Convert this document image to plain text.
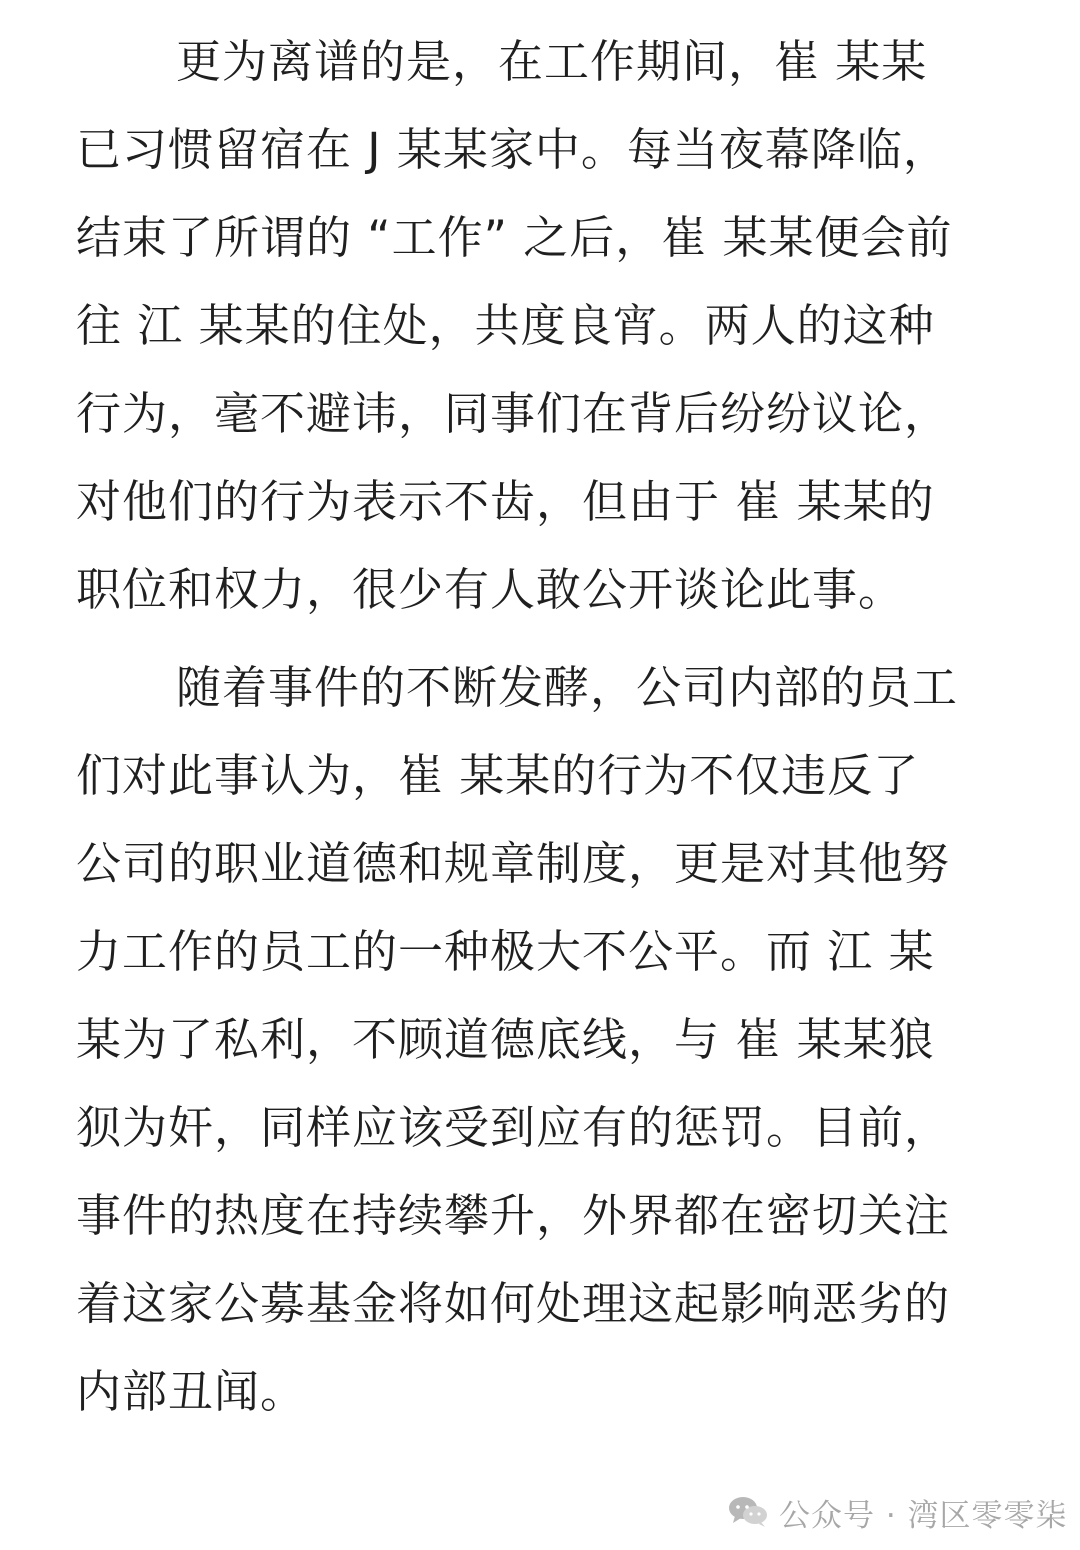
更为离谱的是，在工作期间，崔 某某
已习惯留宿在 J 某某家中。每当夜幕降临，
结束了所谓的 “工作” 之后，崔 某某便会前
往 江 某某的住处，共度良宵。两人的这种
行为，毫不避讳，同事们在背后纷纷议论，
对他们的行为表示不齿，但由于 崔 某某的
职位和权力，很少有人敢公开谈论此事。

随着事件的不断发酵，公司内部的员工
们对此事认为，崔 某某的行为不仅违反了
公司的职业道德和规章制度，更是对其他努
力工作的员工的一种极大不公平。而 江 某
某为了私利，不顾道德底线，与 崔 某某狼
狈为奸，同样应该受到应有的惩罚。目前，
事件的热度在持续攀升，外界都在密切关注
着这家公募基金将如何处理这起影响恶劣的
内部丑闻。

公众号 · 湾区零零柒
